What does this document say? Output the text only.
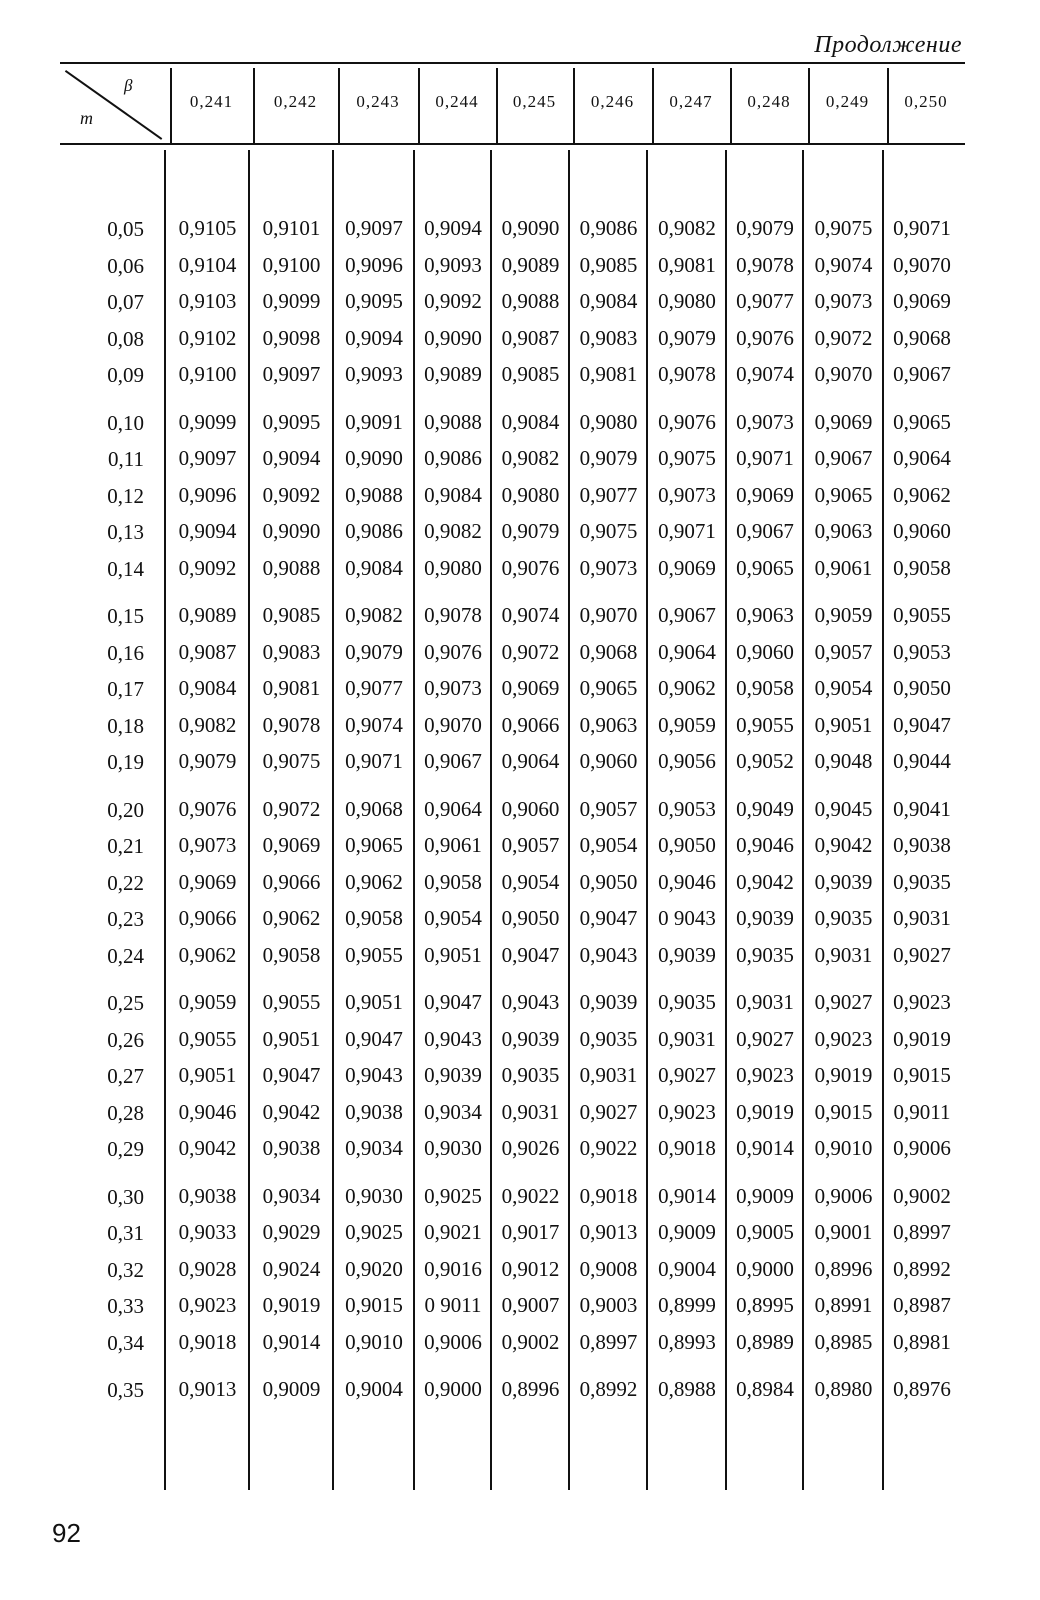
Продолжение
β
m
0,241	0,242	0,243	0,244	0,245	0,246	0,247	0,248	0,249	0,250
0,05	0,9105	0,9101	0,9097	0,9094 0,9090 0,9086 0,9082 0,9079 0,9075 0,9071
0,06	0,9104	0,9100	0,9096	0,9093 0,9089 0,9085 0,9081 0,9078 0,9074 0,9070
0,07	0,9103	0,9099	0,9095	0,9092 0,9088 0,9084 0,9080 0,9077 0,9073 0,9069
0,08	0,9102	0,9098	0,9094	0,9090 0,9087 0,9083 0,9079 0,9076 0,9072 0,9068
0,09	0,9100	0,9097	0,9093	0,9089 0,9085 0,9081 0,9078 0,9074 0,9070 0,9067
0,10	0,9099	0,9095	0,9091	0,9088 0,9084 0,9080 0,9076 0,9073 0,9069 0,9065
0,11	0,9097	0,9094	0,9090	0,9086 0,9082 0,9079 0,9075 0,9071 0,9067 0,9064
0,12	0,9096	0,9092	0,9088	0,9084 0,9080 0,9077 0,9073 0,9069 0,9065 0,9062
0,13	0,9094	0,9090	0,9086	0,9082 0,9079 0,9075 0,9071 0,9067 0,9063 0,9060
0,14	0,9092	0,9088	0,9084	0,9080 0,9076 0,9073 0,9069 0,9065 0,9061 0,9058
0,15	0,9089	0,9085	0,9082	0,9078 0,9074 0,9070 0,9067 0,9063 0,9059 0,9055
0,16	0,9087	0,9083	0,9079	0,9076 0,9072 0,9068 0,9064 0,9060 0,9057 0,9053
0,17	0,9084	0,9081	0,9077	0,9073 0,9069 0,9065 0,9062 0,9058 0,9054 0,9050
0,18	0,9082	0,9078	0,9074	0,9070 0,9066 0,9063 0,9059 0,9055 0,9051 0,9047
0,19	0,9079	0,9075	0,9071	0,9067 0,9064 0,9060 0,9056 0,9052 0,9048 0,9044
0,20	0,9076	0,9072	0,9068	0,9064 0,9060 0,9057 0,9053 0,9049 0,9045 0,9041
0,21	0,9073	0,9069	0,9065	0,9061 0,9057 0,9054 0,9050 0,9046 0,9042 0,9038
0,22	0,9069	0,9066	0,9062	0,9058 0,9054 0,9050 0,9046 0,9042 0,9039 0,9035
0,23	0,9066	0,9062	0,9058	0,9054 0,9050 0,9047 0 9043 0,9039 0,9035 0,9031
0,24	0,9062	0,9058	0,9055	0,9051 0,9047 0,9043 0,9039 0,9035 0,9031 0,9027
0,25	0,9059	0,9055	0,9051	0,9047 0,9043 0,9039 0,9035 0,9031 0,9027 0,9023
0,26	0,9055	0,9051	0,9047	0,9043 0,9039 0,9035 0,9031 0,9027 0,9023 0,9019
0,27	0,9051	0,9047	0,9043	0,9039 0,9035 0,9031 0,9027 0,9023 0,9019 0,9015
0,28	0,9046	0,9042	0,9038	0,9034 0,9031 0,9027 0,9023 0,9019 0,9015	0,9011
0,29	0,9042	0,9038	0,9034	0,9030 0,9026 0,9022 0,9018 0,9014 0,9010 0,9006
0,30	0,9038	0,9034	0,9030	0,9025 0,9022 0,9018 0,9014 0,9009 0,9006 0,9002
0,31	0,9033	0,9029	0,9025	0,9021 0,9017 0,9013 0,9009 0,9005 0,9001 0,8997
0,32	0,9028	0,9024	0,9020	0,9016 0,9012 0,9008 0,9004 0,9000 0,8996 0,8992
0,33	0,9023	0,9019	0,9015	0 9011 0,9007 0,9003 0,8999 0,8995 0,8991 0,8987
0,34	0,9018	0,9014	0,9010	0,9006 0,9002 0,8997 0,8993 0,8989 0,8985 0,8981
0,35	0,9013	0,9009	0,9004	0,9000 0,8996 0,8992 0,8988 0,8984 0,8980 0,8976
92
